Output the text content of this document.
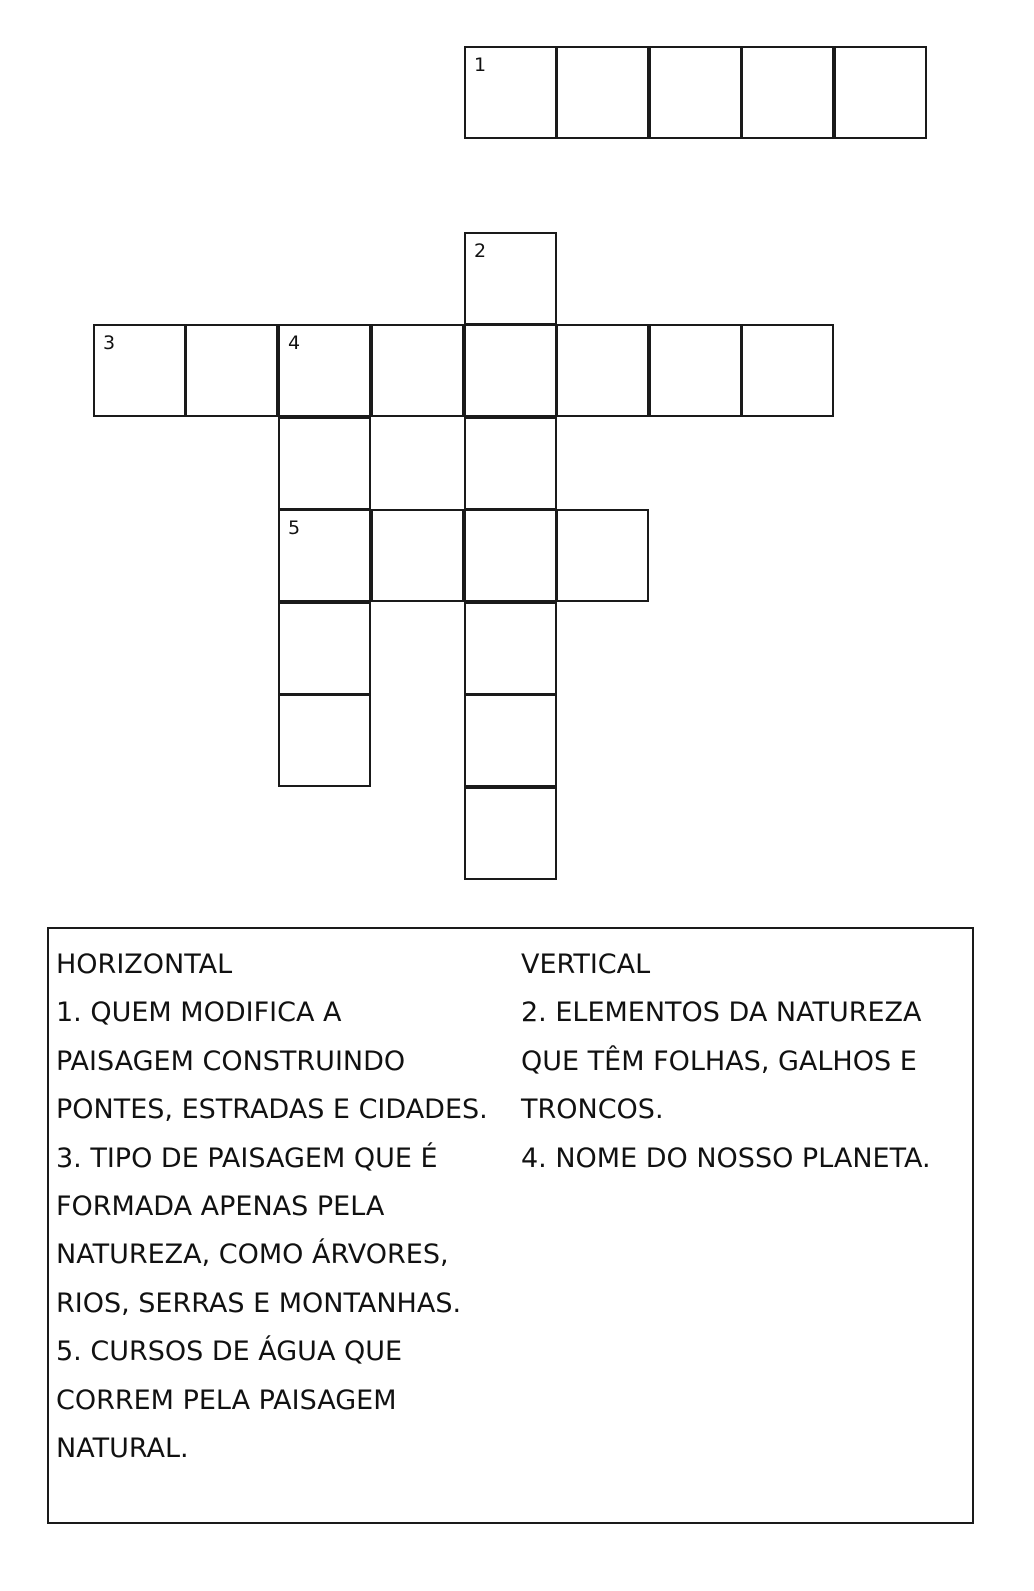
1
2
3	4
5
HORIZONTAL
1. QUEM MODIFICA A
PAISAGEM CONSTRUINDO
PONTES, ESTRADAS E CIDADES.
3. TIPO DE PAISAGEM QUE É
FORMADA APENAS PELA
NATUREZA, COMO ÁRVORES,
RIOS, SERRAS E MONTANHAS.
5. CURSOS DE ÁGUA QUE
CORREM PELA PAISAGEM
NATURAL.
VERTICAL
2. ELEMENTOS DA NATUREZA
QUE TÊM FOLHAS, GALHOS E
TRONCOS.
4. NOME DO NOSSO PLANETA.
